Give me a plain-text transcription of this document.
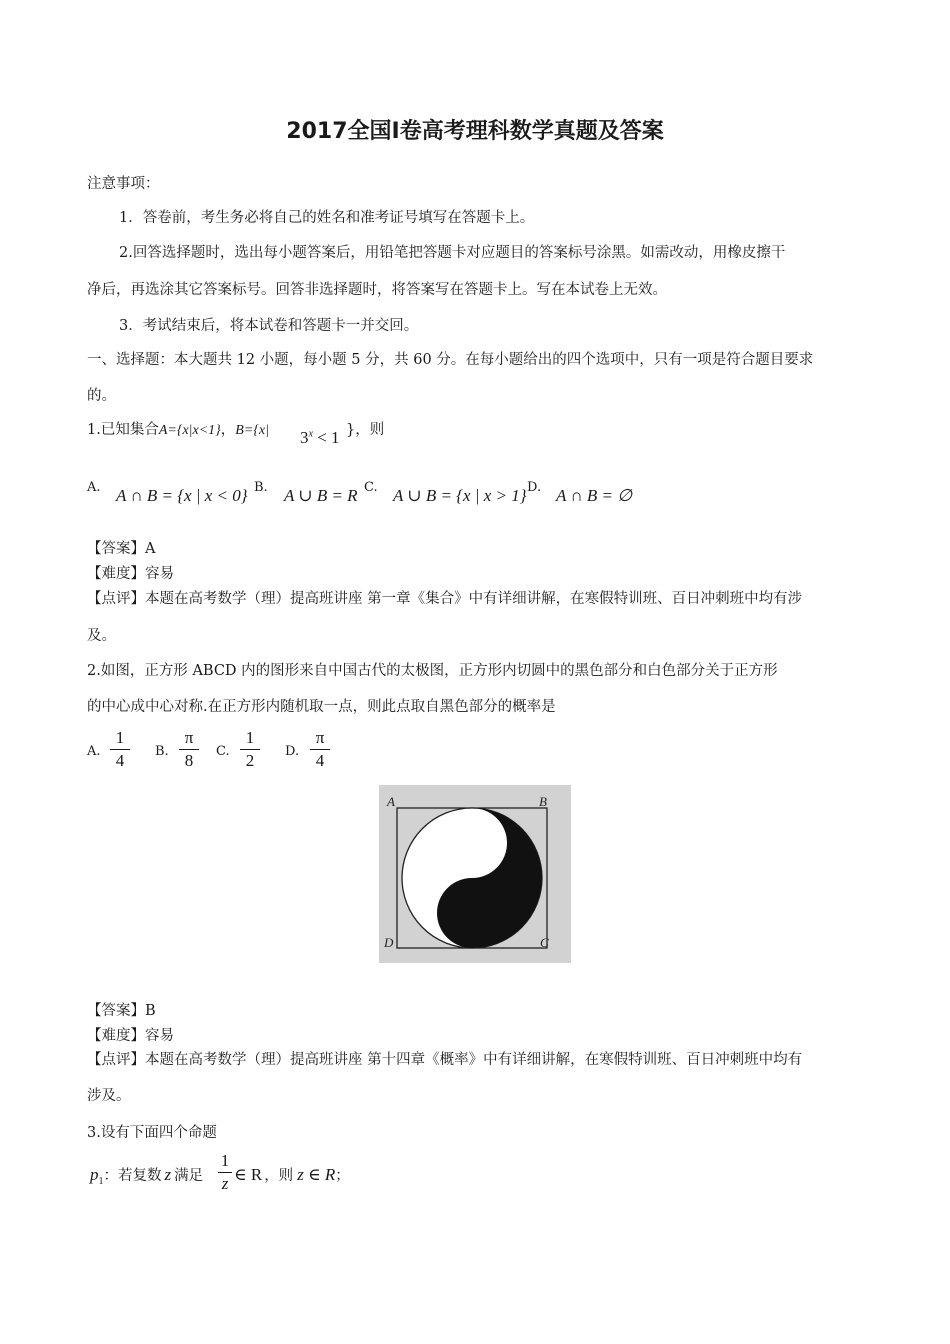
2017全国Ⅰ卷高考理科数学真题及答案
注意事项：
1．答卷前，考生务必将自己的姓名和准考证号填写在答题卡上。
2.回答选择题时，选出每小题答案后，用铅笔把答题卡对应题目的答案标号涂黑。如需改动，用橡皮擦干
净后，再选涂其它答案标号。回答非选择题时，将答案写在答题卡上。写在本试卷上无效。
3．考试结束后，将本试卷和答题卡一并交回。
一、选择题：本大题共 12 小题，每小题 5 分，共 60 分。在每小题给出的四个选项中，只有一项是符合题目要求
的。
1.已知集合A={x|x<1}，B={x| $3^x < 1$ }，则
A. A ∩ B = {x | x < 0} B. A ∪ B = R C. A ∪ B = {x | x > 1} D. A ∩ B = ∅
【答案】A
【难度】容易
【点评】本题在高考数学（理）提高班讲座 第一章《集合》中有详细讲解，在寒假特训班、百日冲刺班中均有涉
及。
2.如图，正方形 ABCD 内的图形来自中国古代的太极图，正方形内切圆中的黑色部分和白色部分关于正方形
的中心成中心对称.在正方形内随机取一点，则此点取自黑色部分的概率是
A.
1
4	B.
π
8	C.
1
2	D.
π
4
A	B
D	C
【答案】B
【难度】容易
【点评】本题在高考数学（理）提高班讲座 第十四章《概率》中有详细讲解，在寒假特训班、百日冲刺班中均有
涉及。
3.设有下面四个命题
$p_1$：若复数 z 满足
1
z ∈ R ，则 z ∈ R；
